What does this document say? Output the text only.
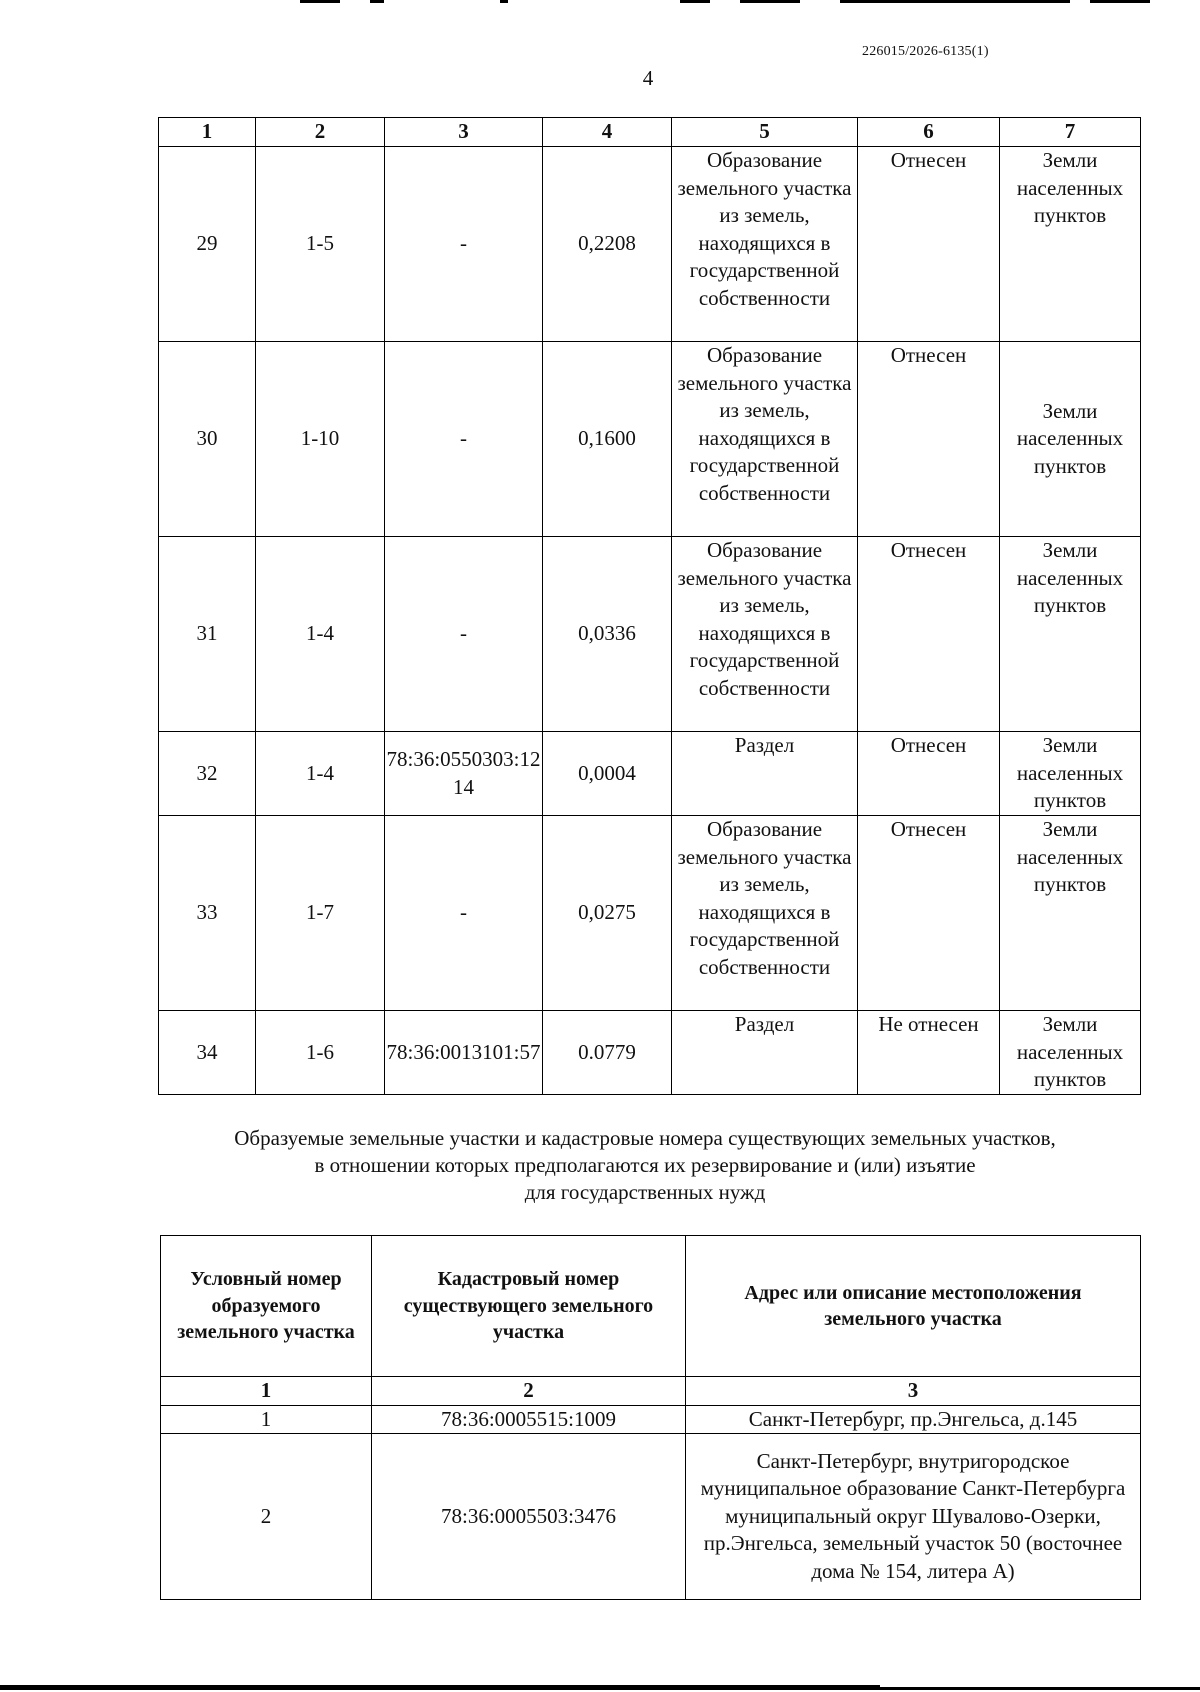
226015/2026-6135(1)
4
1	2	3	4	5	6	7
29	1-5	-	0,2208	Образование земельного участка из земель, находящихся в государственной собственности	Отнесен	Земли населенных пунктов
30	1-10	-	0,1600	Образование земельного участка из земель, находящихся в государственной собственности	Отнесен	Земли населенных пунктов
31	1-4	-	0,0336	Образование земельного участка из земель, находящихся в государственной собственности	Отнесен	Земли населенных пунктов
32	1-4	78:36:0550303:1214	0,0004	Раздел	Отнесен	Земли населенных пунктов
33	1-7	-	0,0275	Образование земельного участка из земель, находящихся в государственной собственности	Отнесен	Земли населенных пунктов
34	1-6	78:36:0013101:57	0.0779	Раздел	Не отнесен	Земли населенных пунктов
Образуемые земельные участки и кадастровые номера существующих земельных участков,
в отношении которых предполагаются их резервирование и (или) изъятие
для государственных нужд
Условный номер образуемого земельного участка	Кадастровый номер существующего земельного участка	Адрес или описание местоположения земельного участка
1	2	3
1	78:36:0005515:1009	Санкт-Петербург, пр.Энгельса, д.145
2	78:36:0005503:3476	Санкт-Петербург, внутригородское муниципальное образование Санкт-Петербурга муниципальный округ Шувалово-Озерки, пр.Энгельса, земельный участок 50 (восточнее дома № 154, литера А)
